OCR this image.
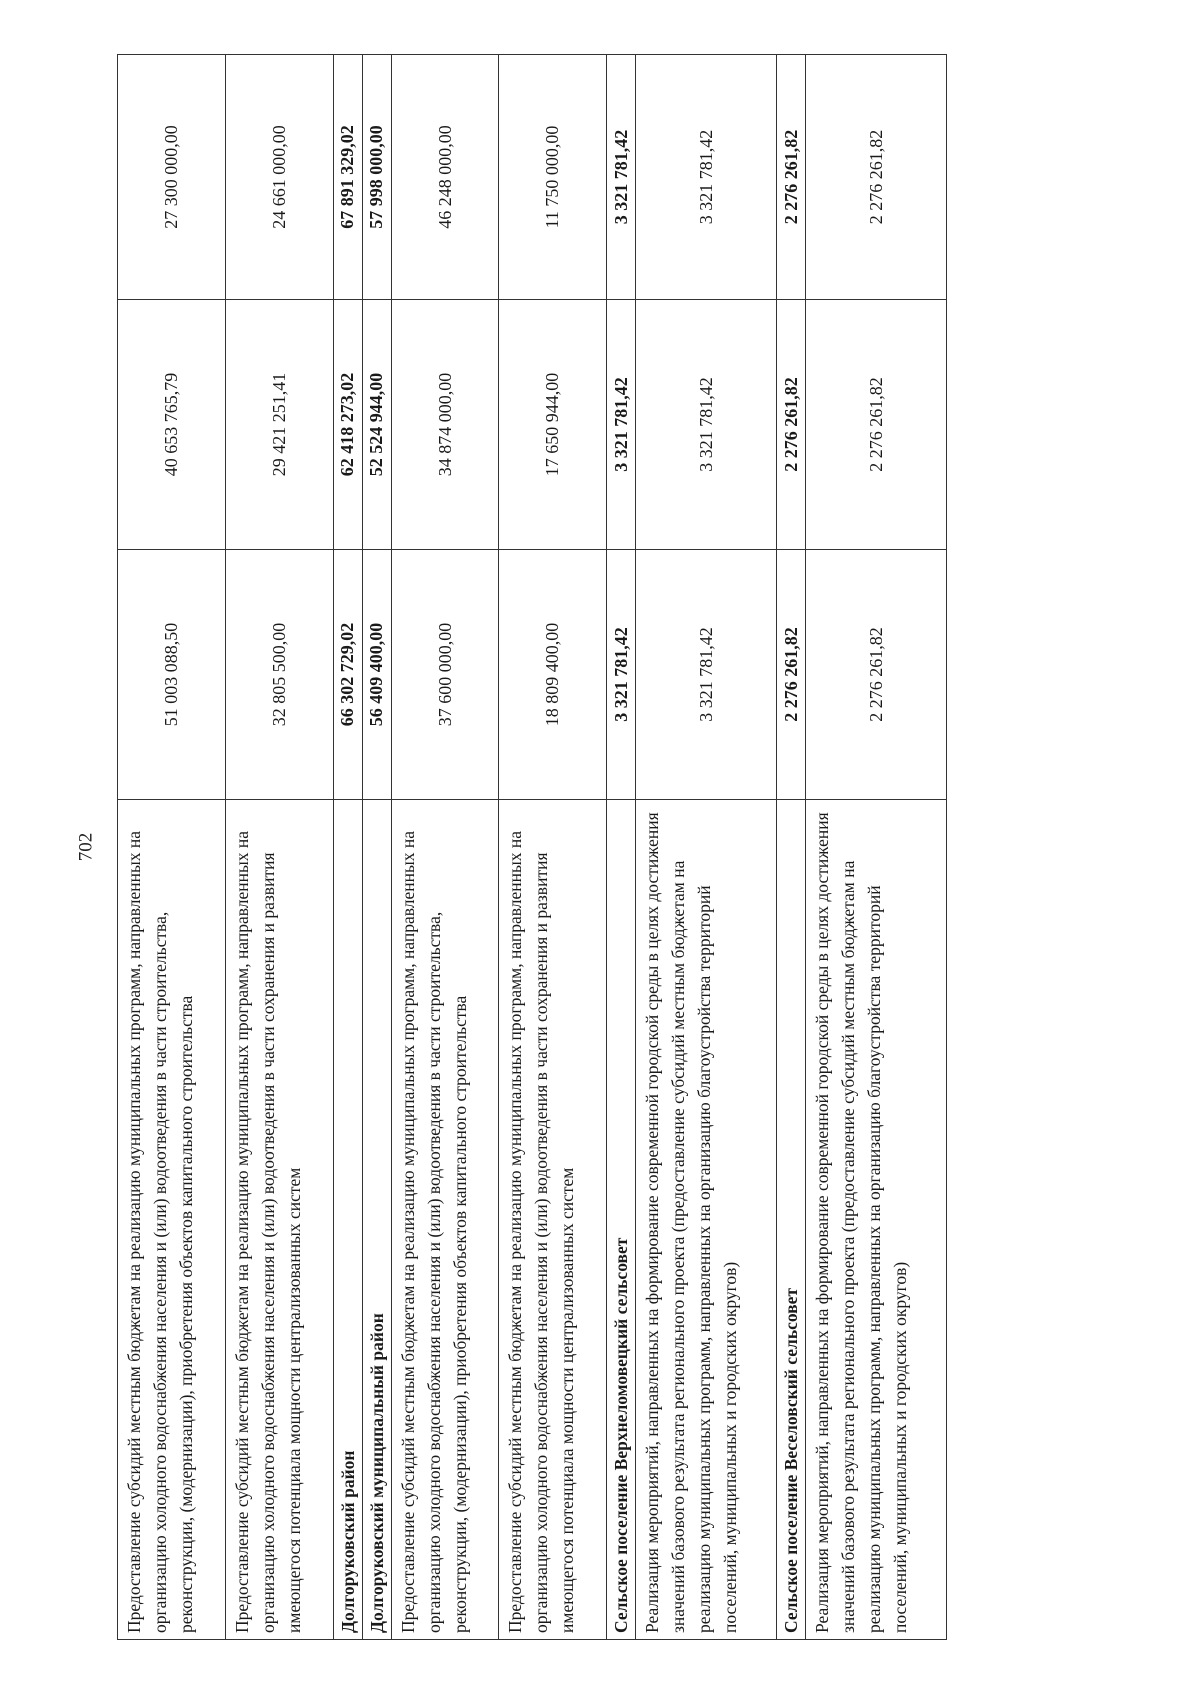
702 Предоставление субсидий местным бюджетам на реализацию муниципальных программ, направленных на организацию холодного водоснабжения населения и (или) водоотведения в части строительства, реконструкции, (модернизации), приобретения объектов капитального строительства	51 003 088,50	40 653 765,79	27 300 000,00
Предоставление субсидий местным бюджетам на реализацию муниципальных программ, направленных на организацию холодного водоснабжения населения и (или) водоотведения в части сохранения и развития имеющегося потенциала мощности централизованных систем	32 805 500,00	29 421 251,41	24 661 000,00
Долгоруковский район	66 302 729,02	62 418 273,02	67 891 329,02
Долгоруковский муниципальный район	56 409 400,00	52 524 944,00	57 998 000,00
Предоставление субсидий местным бюджетам на реализацию муниципальных программ, направленных на организацию холодного водоснабжения населения и (или) водоотведения в части строительства, реконструкции, (модернизации), приобретения объектов капитального строительства	37 600 000,00	34 874 000,00	46 248 000,00
Предоставление субсидий местным бюджетам на реализацию муниципальных программ, направленных на организацию холодного водоснабжения населения и (или) водоотведения в части сохранения и развития имеющегося потенциала мощности централизованных систем	18 809 400,00	17 650 944,00	11 750 000,00
Сельское поселение Верхнеломовецкий сельсовет	3 321 781,42	3 321 781,42	3 321 781,42
Реализация мероприятий, направленных на формирование современной городской среды в целях достижения значений базового результата регионального проекта (предоставление субсидий местным бюджетам на реализацию муниципальных программ, направленных на организацию благоустройства территорий поселений, муниципальных и городских округов)	3 321 781,42	3 321 781,42	3 321 781,42
Сельское поселение Веселовский сельсовет	2 276 261,82	2 276 261,82	2 276 261,82
Реализация мероприятий, направленных на формирование современной городской среды в целях достижения значений базового результата регионального проекта (предоставление субсидий местным бюджетам на реализацию муниципальных программ, направленных на организацию благоустройства территорий поселений, муниципальных и городских округов)	2 276 261,82	2 276 261,82	2 276 261,82
